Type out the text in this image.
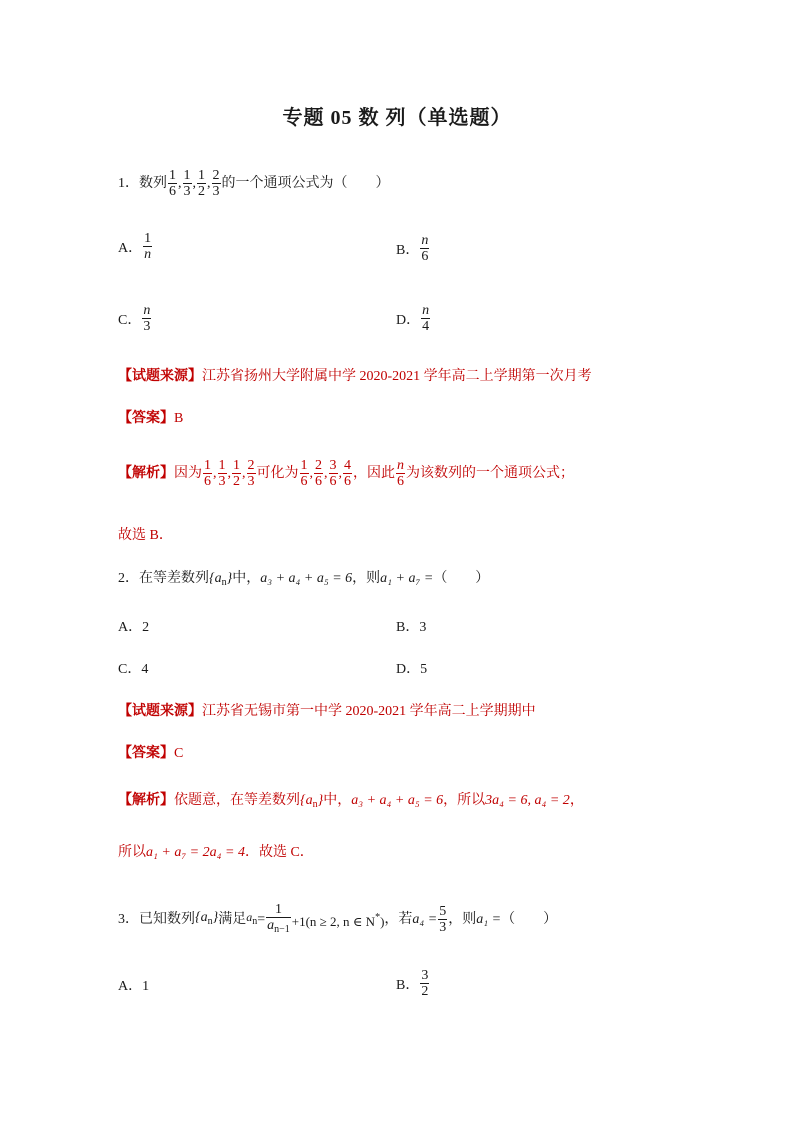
专题 05 数 列（单选题）
1． 数列 $\frac{1}{6}$ , $\frac{1}{3}$ , $\frac{1}{2}$ , $\frac{2}{3}$ 的一个通项公式为（　　）
A． $\frac{1}{n}$	B． $\frac{n}{6}$
C． $\frac{n}{3}$	D． $\frac{n}{4}$
【试题来源】江苏省扬州大学附属中学 2020-2021 学年高二上学期第一次月考
【答案】B
【解析】 因为 $\frac{1}{6}$ , $\frac{1}{3}$ , $\frac{1}{2}$ , $\frac{2}{3}$ 可化为 $\frac{1}{6}$ , $\frac{2}{6}$ , $\frac{3}{6}$ , $\frac{4}{6}$ ，因此 $\frac{n}{6}$ 为该数列的一个通项公式；
故选 B．
2．在等差数列$\{a_n\}$中，a₃ + a₄ + a₅ = 6，则a₁ + a₇ =（　　）
A．2	B．3
C．4	D．5
【试题来源】江苏省无锡市第一中学 2020-2021 学年高二上学期期中
【答案】C
【解析】依题意，在等差数列$\{a_n\}$中，a₃ + a₄ + a₅ = 6，所以3a₄ = 6, a₄ = 2，
所以a₁ + a₇ = 2a₄ = 4．故选 C．
3． 已知数列 $\{a_n\}$ 满足 $a_n = \frac{1}{a_{n-1}} +1(n \ge 2$, n ∈ N*) ，若 $a_4 = \frac{5}{3}$ ，则 a₁ = （　　）
A．1	B． $\frac{3}{2}$
